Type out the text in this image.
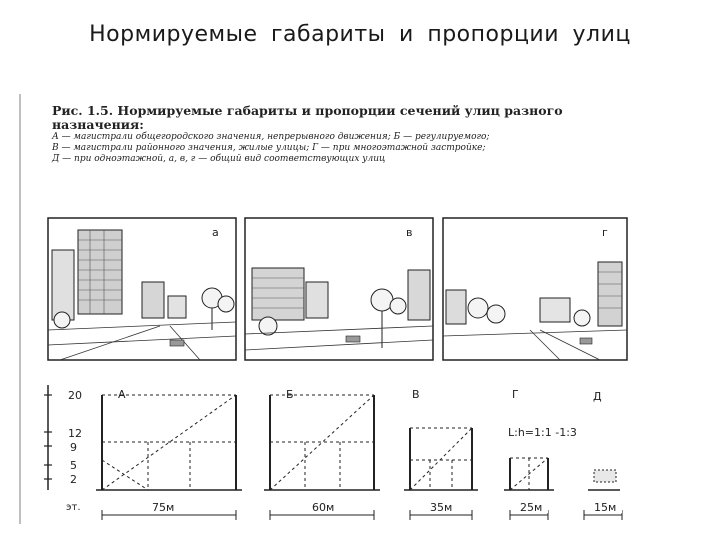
Нормируемые габариты и пропорции улиц
Рис. 1.5. Нормируемые габариты и пропорции сечений улиц разного назначения:
А — магистрали общегородского значения, непрерывного движения; Б — регулируемого;
В — магистрали районного значения, жилые улицы; Г — при многоэтажной застройке;
Д — при одноэтажной, а, в, г — общий вид соответствующих улиц
а	в	г
20
12
9
5
2
эт.
А	Б	В	Г
L:h=1:1 -1:3
Д
75м	60м	35м	25м	15м
